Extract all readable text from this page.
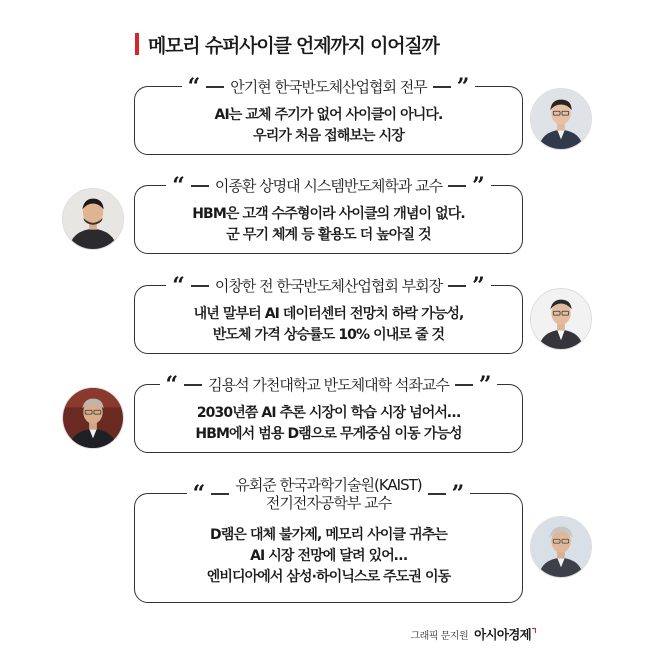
메모리 슈퍼사이클 언제까지 이어질까
“ 안기현 한국반도체산업협회 전무 ”
AI는 교체 주기가 없어 사이클이 아니다.
우리가 처음 접해보는 시장
“ 이종환 상명대 시스템반도체학과 교수 ”
HBM은 고객 수주형이라 사이클의 개념이 없다.
군 무기 체계 등 활용도 더 높아질 것
“ 이창한 전 한국반도체산업협회 부회장 ”
내년 말부터 AI 데이터센터 전망치 하락 가능성,
반도체 가격 상승률도 10% 이내로 줄 것
“ 김용석 가천대학교 반도체대학 석좌교수 ”
2030년쯤 AI 추론 시장이 학습 시장 넘어서…
HBM에서 범용 D램으로 무게중심 이동 가능성
“ 유회준 한국과학기술원(KAIST)
전기전자공학부 교수	”
D램은 대체 불가제, 메모리 사이클 귀추는
AI 시장 전망에 달려 있어…
엔비디아에서 삼성·하이닉스로 주도권 이동
그래픽 문지원 아시아경제
